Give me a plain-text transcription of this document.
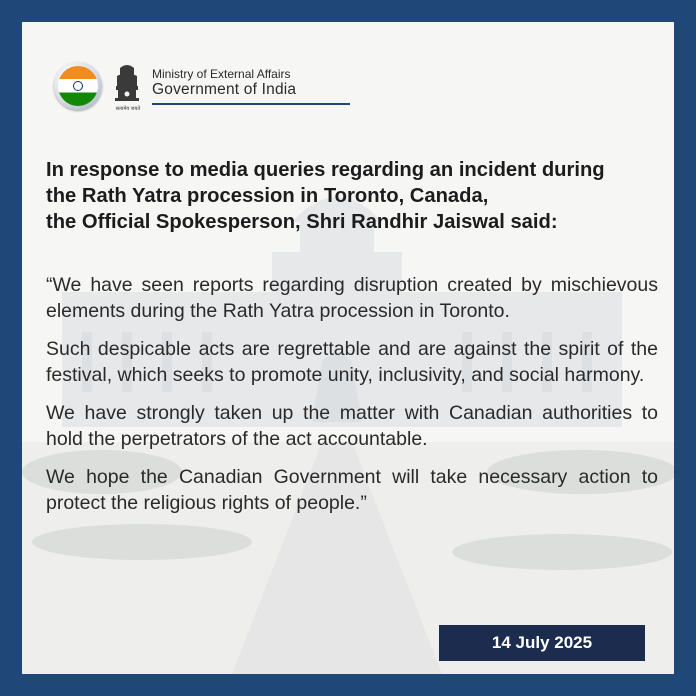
सत्यमेव जयते
Ministry of External Affairs
Government of India
In response to media queries regarding an incident during
the Rath Yatra procession in Toronto, Canada,
the Official Spokesperson, Shri Randhir Jaiswal said:

“We have seen reports regarding disruption created by mischievous elements during the Rath Yatra procession in Toronto.

Such despicable acts are regrettable and are against the spirit of the festival, which seeks to promote unity, inclusivity, and social harmony.

We have strongly taken up the matter with Canadian authorities to hold the perpetrators of the act accountable.

We hope the Canadian Government will take necessary action to protect the religious rights of people.”

14 July 2025
